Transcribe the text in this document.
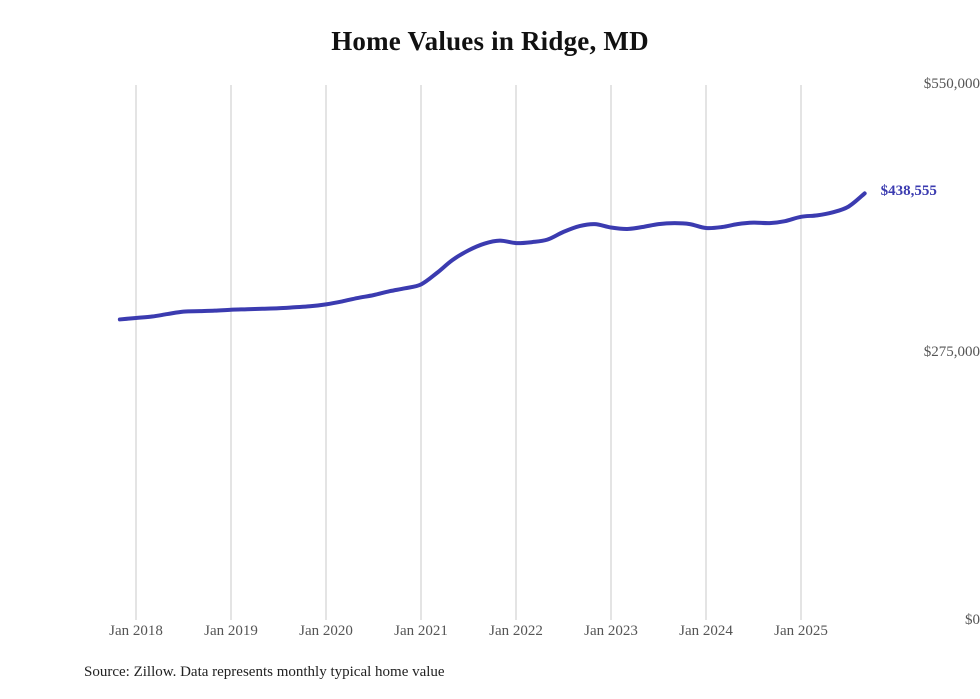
Home Values in Ridge, MD
$0
$275,000
$550,000
Jan 2018	Jan 2019	Jan 2020	Jan 2021	Jan 2022	Jan 2023	Jan 2024	Jan 2025
$438,555
Source: Zillow. Data represents monthly typical home value
